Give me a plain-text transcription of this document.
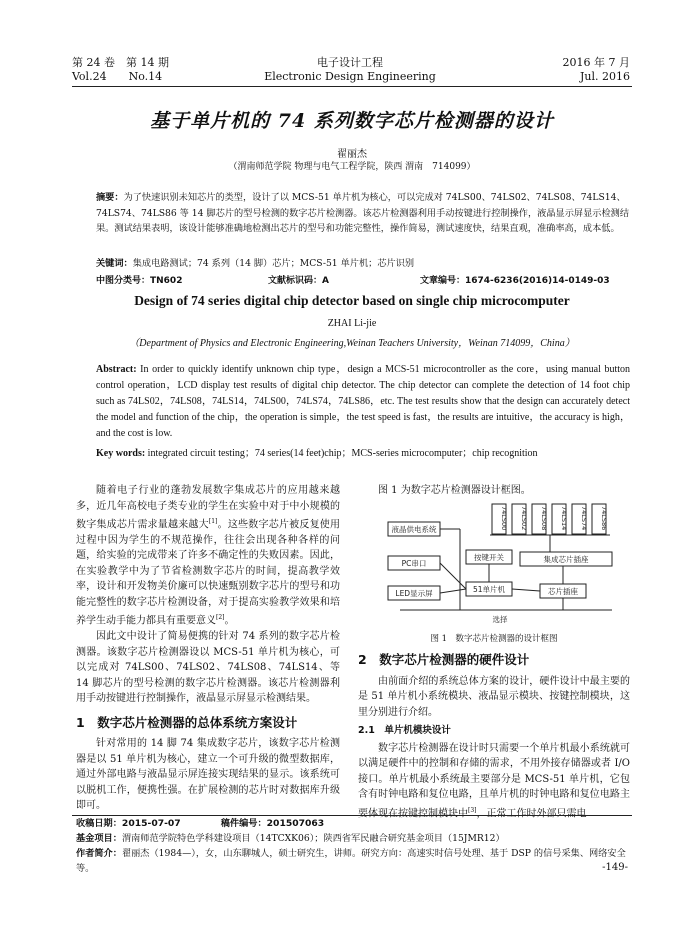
第 24 卷　第 14 期
Vol.24　　No.14
电子设计工程
Electronic Design Engineering
2016 年 7 月
Jul. 2016
基于单片机的 74 系列数字芯片检测器的设计
翟丽杰
（渭南师范学院 物理与电气工程学院，陕西 渭南　714099）
摘要：为了快速识别未知芯片的类型，设计了以 MCS-51 单片机为核心，可以完成对 74LS00、74LS02、74LS08、74LS14、74LS74、74LS86 等 14 脚芯片的型号检测的数字芯片检测器。该芯片检测器利用手动按键进行控制操作，液晶显示屏显示检测结果。测试结果表明，该设计能够准确地检测出芯片的型号和功能完整性，操作简易，测试速度快，结果直观，准确率高，成本低。
关键词：集成电路测试；74 系列（14 脚）芯片；MCS-51 单片机；芯片识别
中图分类号：TN602	文献标识码：A	文章编号：1674-6236(2016)14-0149-03
Design of 74 series digital chip detector based on single chip microcomputer
ZHAI Li-jie
（Department of Physics and Electronic Engineering,Weinan Teachers University，Weinan 714099，China）
Abstract: In order to quickly identify unknown chip type，design a MCS-51 microcontroller as the core，using manual button control operation，LCD display test results of digital chip detector. The chip detector can complete the detection of 14 foot chip such as 74LS02，74LS08，74LS14，74LS00，74LS74，74LS86，etc. The test results show that the design can accurately detect the model and function of the chip，the operation is simple，the test speed is fast，the results are intuitive，the accuracy is high，and the cost is low.
Key words: integrated circuit testing；74 series(14 feet)chip；MCS-series microcomputer；chip recognition

随着电子行业的蓬勃发展数字集成芯片的应用越来越多，近几年高校电子类专业的学生在实验中对于中小规模的数字集成芯片需求量越来越大[1]。这些数字芯片被反复使用过程中因为学生的不规范操作，往往会出现各种各样的问题，给实验的完成带来了许多不确定性的失败因素。因此，在实验教学中为了节省检测数字芯片的时间，提高教学效率，设计和开发物美价廉可以快速甄别数字芯片的型号和功能完整性的数字芯片检测设备，对于提高实验教学效果和培养学生动手能力都具有重要意义[2]。

因此文中设计了简易便携的针对 74 系列的数字芯片检测器。该数字芯片检测器设以 MCS-51 单片机为核心，可以完成对 74LS00、74LS02、74LS08、74LS14、等 14 脚芯片的型号检测的数字芯片检测器。该芯片检测器利用手动按键进行控制操作，液晶显示屏显示检测结果。

1　数字芯片检测器的总体系统方案设计

针对常用的 14 脚 74 集成数字芯片，该数字芯片检测器是以 51 单片机为核心，建立一个可升级的微型数据库，通过外部电路与液晶显示屏连接实现结果的显示。该系统可以脱机工作，便携性强。在扩展检测的芯片时对数据库升级即可。

图 1 为数字芯片检测器设计框图。

74LS00 74LS02 74LS08 74LS14 74LS74 74LS86
液晶供电系统
PC串口
LED显示屏
按键开关
51单片机
集成芯片插座
芯片插座
选择
图 1　数字芯片检测器的设计框图
2　数字芯片检测器的硬件设计

由前面介绍的系统总体方案的设计，硬件设计中最主要的是 51 单片机小系统模块、液晶显示模块、按键控制模块，这里分别进行介绍。

2.1　单片机模块设计

数字芯片检测器在设计时只需要一个单片机最小系统就可以满足硬件中的控制和存储的需求，不用外接存储器或者 I/O 接口。单片机最小系统最主要部分是 MCS-51 单片机，它包含有时钟电路和复位电路，且单片机的时钟电路和复位电路主要体现在按键控制模块中[3]，正常工作时外部只需电

收稿日期：2015-07-07	稿件编号：201507063
基金项目：渭南师范学院特色学科建设项目（14TCXK06）；陕西省军民融合研究基金项目（15JMR12）
作者简介：翟丽杰（1984—），女，山东聊城人，硕士研究生，讲师。研究方向：高速实时信号处理、基于 DSP 的信号采集、网络安全等。	-149-
